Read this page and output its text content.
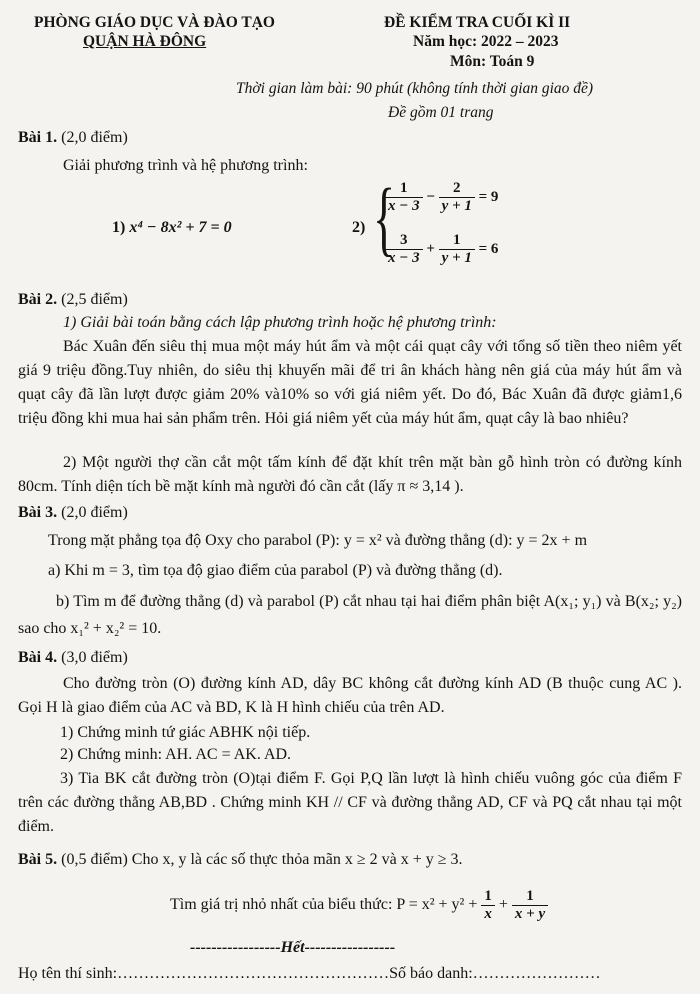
PHÒNG GIÁO DỤC VÀ ĐÀO TẠO
QUẬN HÀ ĐÔNG
ĐỀ KIỂM TRA CUỐI KÌ II
Năm học: 2022 – 2023
Môn: Toán 9
Thời gian làm bài: 90 phút (không tính thời gian giao đề)
Đề gồm 01 trang
Bài 1. (2,0 điểm)
Giải phương trình và hệ phương trình:
1) x⁴ − 8x² + 7 = 0	2) {
$\frac{1}{x - 3} - \frac{2}{y + 1} = 9$
$\frac{3}{x - 3} + \frac{1}{y + 1} = 6$
Bài 2. (2,5 điểm)
1) Giải bài toán bằng cách lập phương trình hoặc hệ phương trình:
Bác Xuân đến siêu thị mua một máy hút ẩm và một cái quạt cây với tổng số tiền theo niêm yết giá 9 triệu đồng.Tuy nhiên, do siêu thị khuyến mãi để tri ân khách hàng nên giá của máy hút ẩm và quạt cây đã lần lượt được giảm 20% và10% so với giá niêm yết. Do đó, Bác Xuân đã được giảm1,6 triệu đồng khi mua hai sản phẩm trên. Hỏi giá niêm yết của máy hút ẩm, quạt cây là bao nhiêu?
2) Một người thợ cần cắt một tấm kính để đặt khít trên mặt bàn gỗ hình tròn có đường kính 80cm. Tính diện tích bề mặt kính mà người đó cần cắt (lấy π ≈ 3,14 ).
Bài 3. (2,0 điểm)
Trong mặt phẳng tọa độ Oxy cho parabol (P): y = x² và đường thẳng (d): y = 2x + m
a) Khi m = 3, tìm tọa độ giao điểm của parabol (P) và đường thẳng (d).
b) Tìm m để đường thẳng (d) và parabol (P) cắt nhau tại hai điểm phân biệt A(x₁; y₁) và B(x₂; y₂) sao cho x₁² + x₂² = 10.
Bài 4. (3,0 điểm)
Cho đường tròn (O) đường kính AD, dây BC không cắt đường kính AD (B thuộc cung AC ). Gọi H là giao điểm của AC và BD, K là H hình chiếu của trên AD.
1) Chứng minh tứ giác ABHK nội tiếp.
2) Chứng minh: AH. AC = AK. AD.
3) Tia BK cắt đường tròn (O)tại điểm F. Gọi P,Q lần lượt là hình chiếu vuông góc của điểm F trên các đường thẳng AB,BD . Chứng minh KH // CF và đường thẳng AD, CF và PQ cắt nhau tại một điểm.
Bài 5. (0,5 điểm) Cho x, y là các số thực thỏa mãn x ≥ 2 và x + y ≥ 3.
Tìm giá trị nhỏ nhất của biểu thức: $P = x^2 + y^2 + \frac{1}{x} + \frac{1}{x + y}$
-----------------Hết-----------------
Họ tên thí sinh:……………………………………………Số báo danh:……………………
